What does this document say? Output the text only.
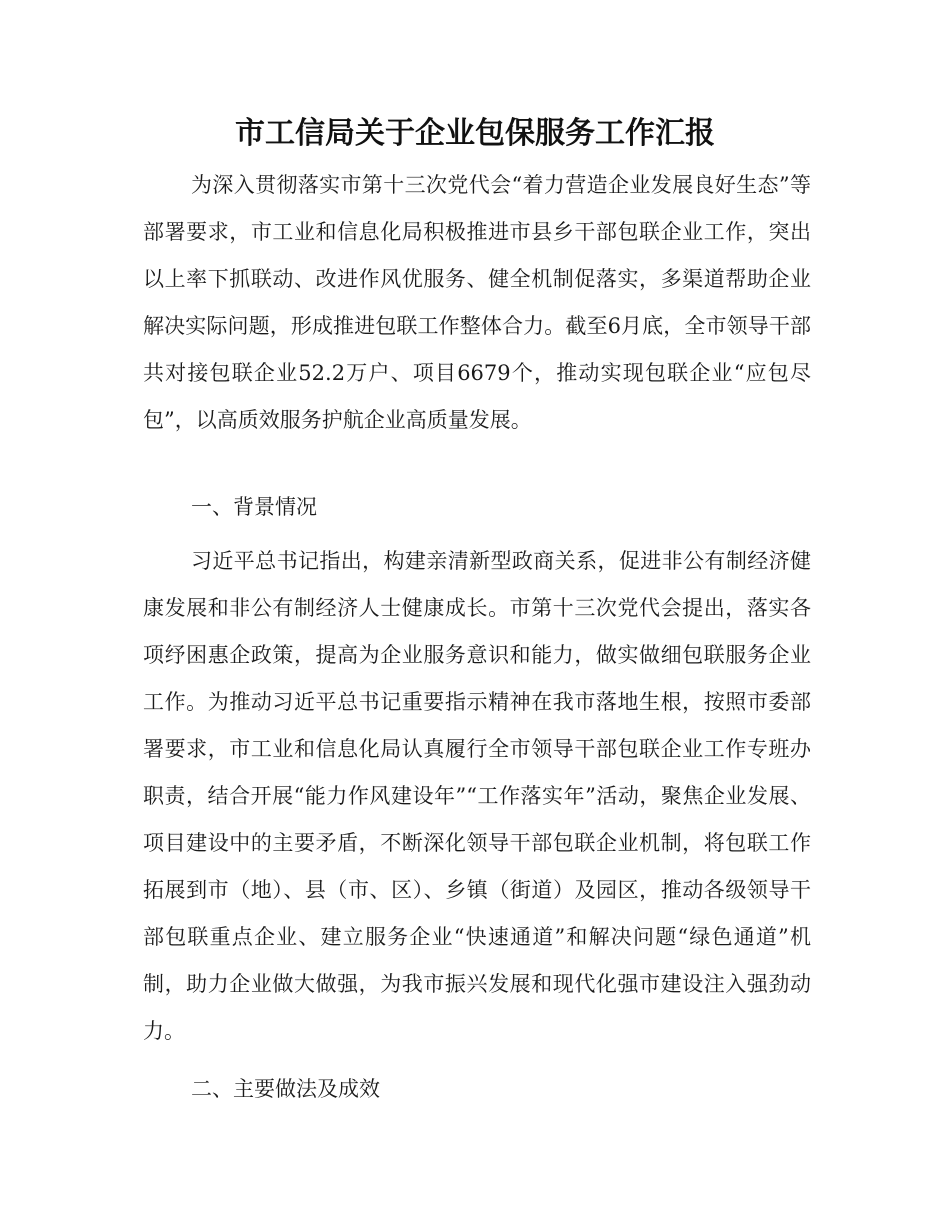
市工信局关于企业包保服务工作汇报

为深入贯彻落实市第十三次党代会“着力营造企业发展良好生态”等部署要求，市工业和信息化局积极推进市县乡干部包联企业工作，突出以上率下抓联动、改进作风优服务、健全机制促落实，多渠道帮助企业解决实际问题，形成推进包联工作整体合力。截至6月底，全市领导干部共对接包联企业52.2万户、项目6679个，推动实现包联企业“应包尽包”，以高质效服务护航企业高质量发展。

一、背景情况

习近平总书记指出，构建亲清新型政商关系，促进非公有制经济健康发展和非公有制经济人士健康成长。市第十三次党代会提出，落实各项纾困惠企政策，提高为企业服务意识和能力，做实做细包联服务企业工作。为推动习近平总书记重要指示精神在我市落地生根，按照市委部署要求，市工业和信息化局认真履行全市领导干部包联企业工作专班办职责，结合开展“能力作风建设年”“工作落实年”活动，聚焦企业发展、项目建设中的主要矛盾，不断深化领导干部包联企业机制，将包联工作拓展到市（地）、县（市、区）、乡镇（街道）及园区，推动各级领导干部包联重点企业、建立服务企业“快速通道”和解决问题“绿色通道”机制，助力企业做大做强，为我市振兴发展和现代化强市建设注入强劲动力。

二、主要做法及成效
